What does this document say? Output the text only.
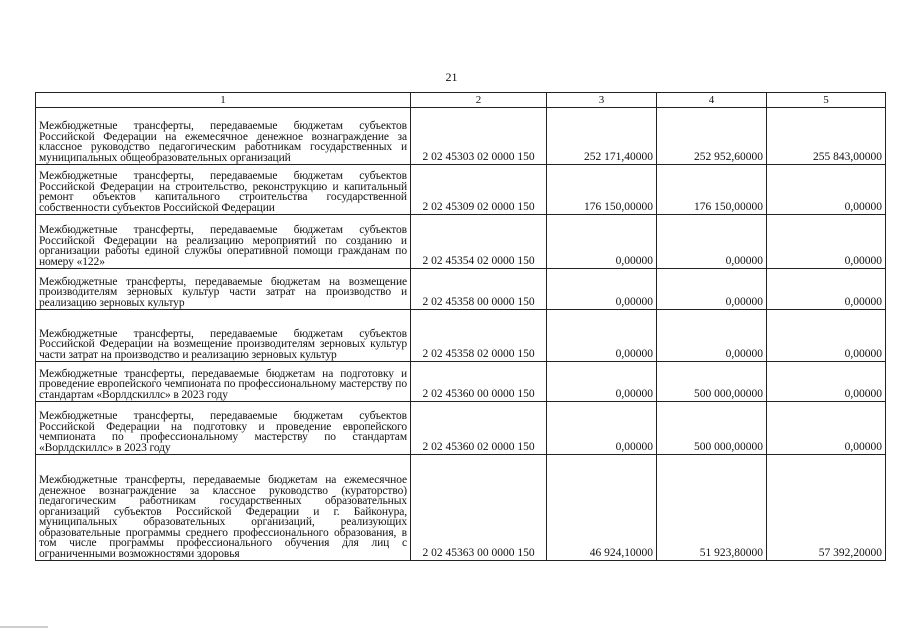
21
1	2	3	4	5
Межбюджетные трансферты, передаваемые бюджетам субъектов Российской Федерации на ежемесячное денежное вознаграждение за классное руководство педагогическим работникам государственных и муниципальных общеобразовательных организаций	2 02 45303 02 0000 150	252 171,40000	252 952,60000	255 843,00000
Межбюджетные трансферты, передаваемые бюджетам субъектов Российской Федерации на строительство, реконструкцию и капитальный ремонт объектов капитального строительства государственной собственности субъектов Российской Федерации	2 02 45309 02 0000 150	176 150,00000	176 150,00000	0,00000
Межбюджетные трансферты, передаваемые бюджетам субъектов Российской Федерации на реализацию мероприятий по созданию и организации работы единой службы оперативной помощи гражданам по номеру «122»	2 02 45354 02 0000 150	0,00000	0,00000	0,00000
Межбюджетные трансферты, передаваемые бюджетам на возмещение производителям зерновых культур части затрат на производство и реализацию зерновых культур	2 02 45358 00 0000 150	0,00000	0,00000	0,00000
Межбюджетные трансферты, передаваемые бюджетам субъектов Российской Федерации на возмещение производителям зерновых культур части затрат на производство и реализацию зерновых культур	2 02 45358 02 0000 150	0,00000	0,00000	0,00000
Межбюджетные трансферты, передаваемые бюджетам на подготовку и проведение европейского чемпионата по профессиональному мастерству по стандартам «Ворлдскиллс» в 2023 году	2 02 45360 00 0000 150	0,00000	500 000,00000	0,00000
Межбюджетные трансферты, передаваемые бюджетам субъектов Российской Федерации на подготовку и проведение европейского чемпионата по профессиональному мастерству по стандартам «Ворлдскиллс» в 2023 году	2 02 45360 02 0000 150	0,00000	500 000,00000	0,00000
Межбюджетные трансферты, передаваемые бюджетам на ежемесячное денежное вознаграждение за классное руководство (кураторство) педагогическим работникам государственных образовательных организаций субъектов Российской Федерации и г. Байконура, муниципальных образовательных организаций, реализующих образовательные программы среднего профессионального образования, в том числе программы профессионального обучения для лиц с ограниченными возможностями здоровья	2 02 45363 00 0000 150	46 924,10000	51 923,80000	57 392,20000
